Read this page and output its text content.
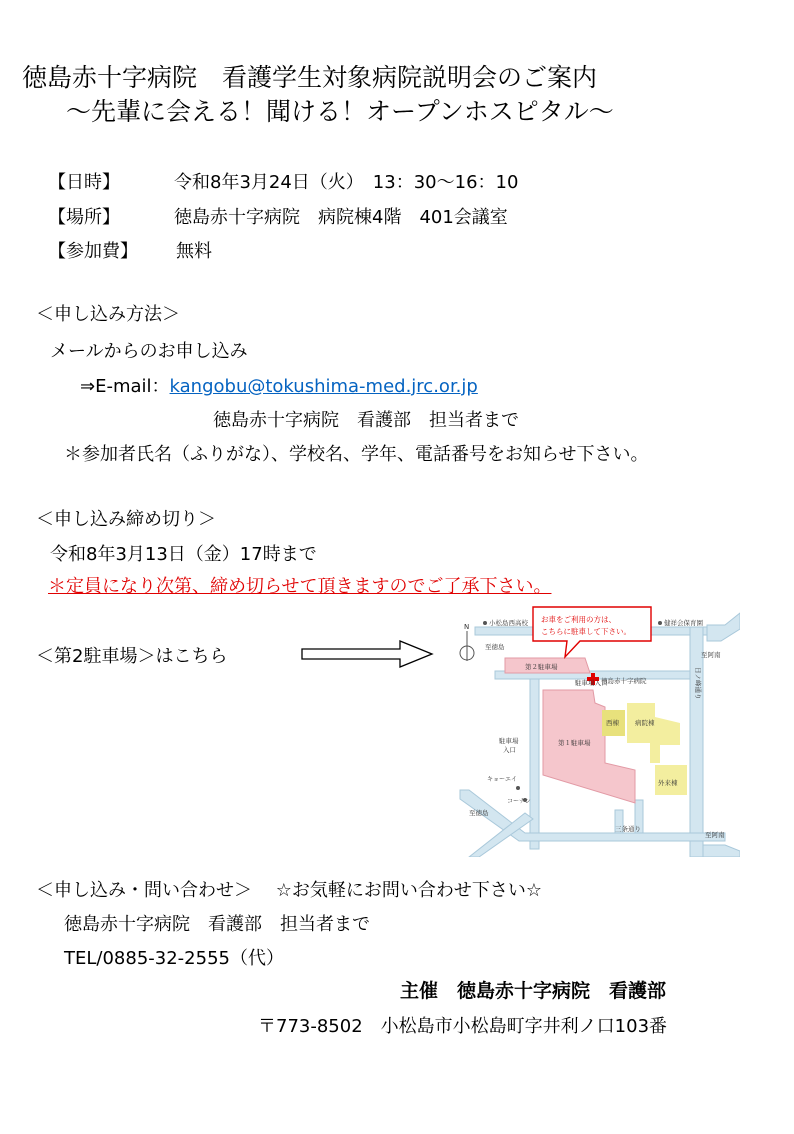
徳島赤十字病院　看護学生対象病院説明会のご案内
～先輩に会える！聞ける！オープンホスピタル～
【日時】	令和8年3月24日（火）　13：30～16：10
【場所】	徳島赤十字病院　病院棟4階　401会議室
【参加費】 無料
＜申し込み方法＞
メールからのお申し込み
⇒E-mail：kangobu@tokushima-med.jrc.or.jp
徳島赤十字病院　看護部　担当者まで
＊参加者氏名（ふりがな）、学校名、学年、電話番号をお知らせ下さい。
＜申し込み締め切り＞
令和8年3月13日（金）17時まで
＊定員になり次第、締め切らせて頂きますのでご了承下さい。
＜第2駐車場＞はこちら
お車をご利用の方は、
こちらに駐車して下さい。
N	小松島西高校	健祥会保育園
至徳島
至阿南
第２駐車場
駐車場入口
徳島赤十字病院
西棟 病院棟
駐車場
入口
第１駐車場
外来棟
キョーエイ
コーナン
至徳島
三条通り
至阿南
日ノ峰通り
＜申し込み・問い合わせ＞ ☆お気軽にお問い合わせ下さい☆
徳島赤十字病院　看護部　担当者まで
TEL/0885-32-2555（代）
主催　徳島赤十字病院　看護部
〒773-8502　小松島市小松島町字井利ノ口103番
